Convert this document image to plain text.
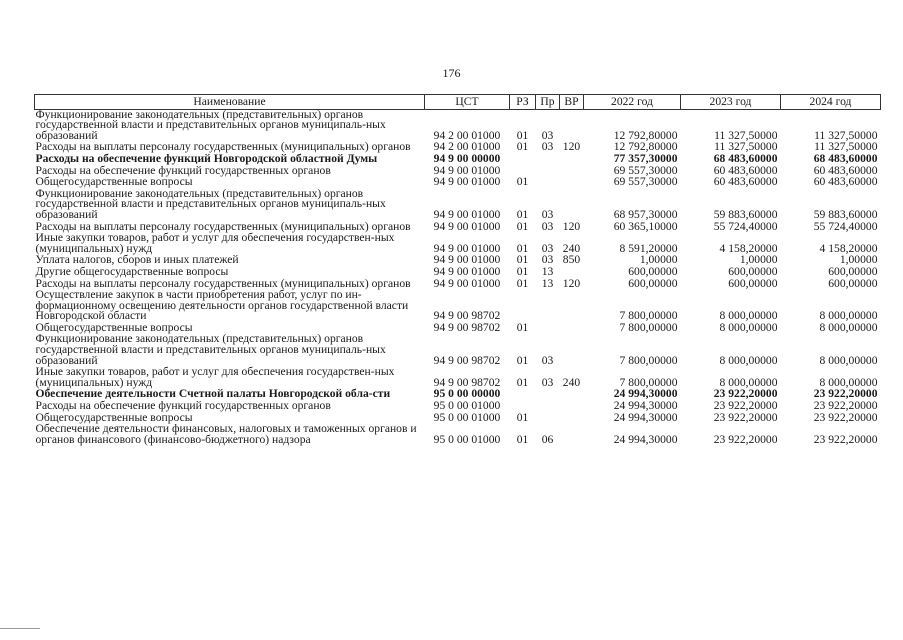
176
Наименование	ЦСТ	РЗ	Пр	ВР	2022 год	2023 год	2024 год
Функционирование законодательных (представительных) органов государственной власти и представительных органов муниципаль-ных образований	94 2 00 01000	01	03		12 792,80000	11 327,50000	11 327,50000
Расходы на выплаты персоналу государственных (муниципальных) органов	94 2 00 01000	01	03	120	12 792,80000	11 327,50000	11 327,50000
Расходы на обеспечение функций Новгородской областной Думы	94 9 00 00000				77 357,30000	68 483,60000	68 483,60000
Расходы на обеспечение функций государственных органов	94 9 00 01000				69 557,30000	60 483,60000	60 483,60000
Общегосударственные вопросы	94 9 00 01000	01			69 557,30000	60 483,60000	60 483,60000
Функционирование законодательных (представительных) органов государственной власти и представительных органов муниципаль-ных образований	94 9 00 01000	01	03		68 957,30000	59 883,60000	59 883,60000
Расходы на выплаты персоналу государственных (муниципальных) органов	94 9 00 01000	01	03	120	60 365,10000	55 724,40000	55 724,40000
Иные закупки товаров, работ и услуг для обеспечения государствен-ных (муниципальных) нужд	94 9 00 01000	01	03	240	8 591,20000	4 158,20000	4 158,20000
Уплата налогов, сборов и иных платежей	94 9 00 01000	01	03	850	1,00000	1,00000	1,00000
Другие общегосударственные вопросы	94 9 00 01000	01	13		600,00000	600,00000	600,00000
Расходы на выплаты персоналу государственных (муниципальных) органов	94 9 00 01000	01	13	120	600,00000	600,00000	600,00000
Осуществление закупок в части приобретения работ, услуг по ин-формационному освещению деятельности органов государственной власти Новгородской области	94 9 00 98702				7 800,00000	8 000,00000	8 000,00000
Общегосударственные вопросы	94 9 00 98702	01			7 800,00000	8 000,00000	8 000,00000
Функционирование законодательных (представительных) органов государственной власти и представительных органов муниципаль-ных образований	94 9 00 98702	01	03		7 800,00000	8 000,00000	8 000,00000
Иные закупки товаров, работ и услуг для обеспечения государствен-ных (муниципальных) нужд	94 9 00 98702	01	03	240	7 800,00000	8 000,00000	8 000,00000
Обеспечение деятельности Счетной палаты Новгородской обла-сти	95 0 00 00000				24 994,30000	23 922,20000	23 922,20000
Расходы на обеспечение функций государственных органов	95 0 00 01000				24 994,30000	23 922,20000	23 922,20000
Общегосударственные вопросы	95 0 00 01000	01			24 994,30000	23 922,20000	23 922,20000
Обеспечение деятельности финансовых, налоговых и таможенных органов и органов финансового (финансово-бюджетного) надзора	95 0 00 01000	01	06		24 994,30000	23 922,20000	23 922,20000
